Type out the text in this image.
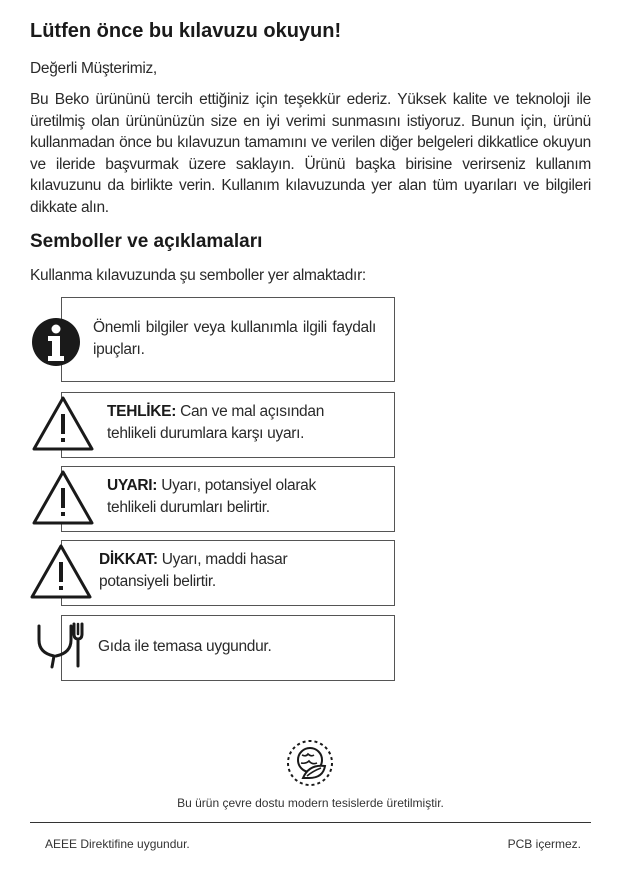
Lütfen önce bu kılavuzu okuyun!
Değerli Müşterimiz,
Bu Beko ürününü tercih ettiğiniz için teşekkür ederiz. Yüksek kalite ve teknoloji ile üretilmiş olan ürününüzün size en iyi verimi sunmasını istiyoruz. Bunun için, ürünü kullanmadan önce bu kılavuzun tamamını ve verilen diğer belgeleri dikkatlice okuyun ve ileride başvurmak üzere saklayın. Ürünü başka birisine verirseniz kullanım kılavuzunu da birlikte verin. Kullanım kılavuzunda yer alan tüm uyarıları ve bilgileri dikkate alın.
Semboller ve açıklamaları
Kullanma kılavuzunda şu semboller yer almaktadır:
Önemli bilgiler veya kullanımla ilgili faydalı ipuçları.
TEHLİKE: Can ve mal açısından
tehlikeli durumlara karşı uyarı.
UYARI: Uyarı, potansiyel olarak
tehlikeli durumları belirtir.
DİKKAT: Uyarı, maddi hasar
potansiyeli belirtir.
Gıda ile temasa uygundur.
Bu ürün çevre dostu modern tesislerde üretilmiştir.
AEEE Direktifine uygundur.	PCB içermez.
